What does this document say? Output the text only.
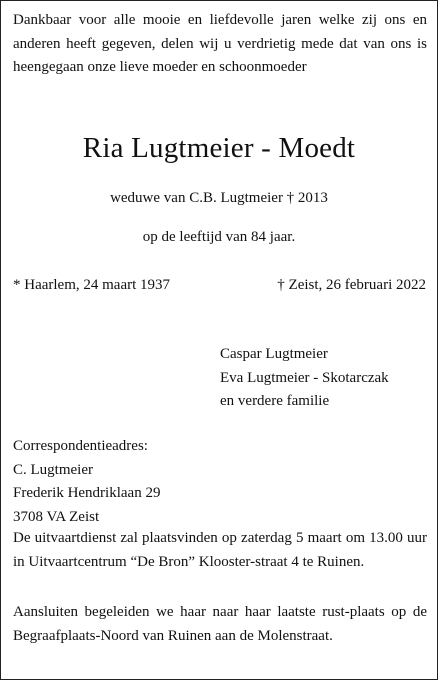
Dankbaar voor alle mooie en liefdevolle jaren welke zij ons en anderen heeft gegeven, delen wij u verdrietig mede dat van ons is heengegaan onze lieve moeder en schoonmoeder
Ria Lugtmeier - Moedt
weduwe van C.B. Lugtmeier † 2013
op de leeftijd van 84 jaar.
* Haarlem, 24 maart 1937	† Zeist, 26 februari 2022
Caspar Lugtmeier
Eva Lugtmeier - Skotarczak
en verdere familie
Correspondentieadres:
C. Lugtmeier
Frederik Hendriklaan 29
3708 VA Zeist
De uitvaartdienst zal plaatsvinden op zaterdag 5 maart om 13.00 uur in Uitvaartcentrum “De Bron” Klooster-straat 4 te Ruinen.
Aansluiten begeleiden we haar naar haar laatste rust-plaats op de Begraafplaats-Noord van Ruinen aan de Molenstraat.
